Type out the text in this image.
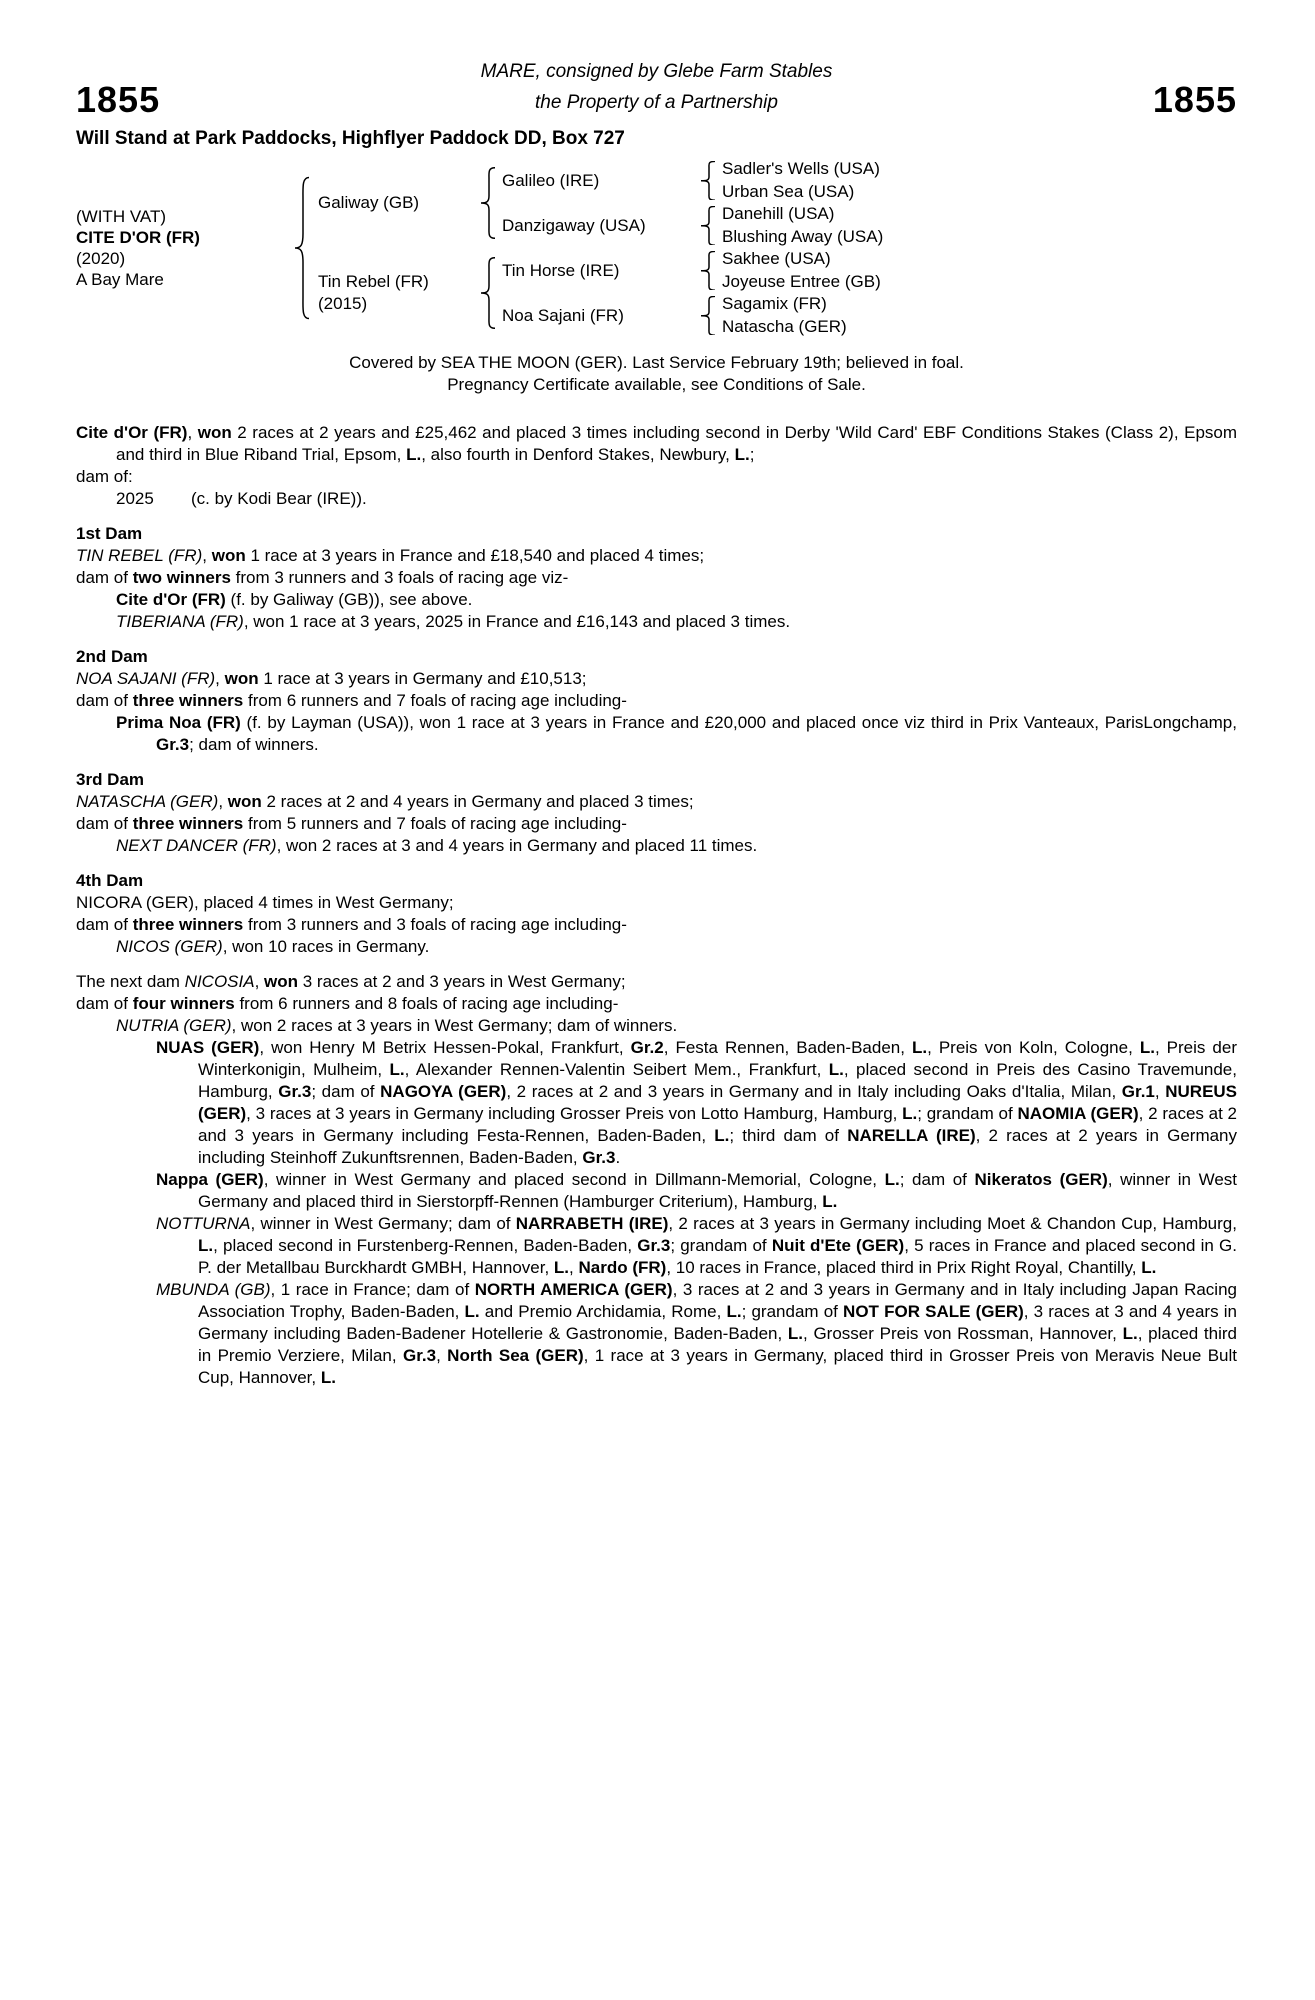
1855
MARE, consigned by Glebe Farm Stables
the Property of a Partnership	1855
Will Stand at Park Paddocks, Highflyer Paddock DD, Box 727
(WITH VAT)
CITE D'OR (FR)
(2020)
A Bay Mare
Galiway (GB)
Tin Rebel (FR)
(2015)
Galileo (IRE)
Danzigaway (USA)
Tin Horse (IRE)
Noa Sajani (FR)
Sadler's Wells (USA)
Urban Sea (USA)
Danehill (USA)
Blushing Away (USA)
Sakhee (USA)
Joyeuse Entree (GB)
Sagamix (FR)
Natascha (GER)
Covered by SEA THE MOON (GER). Last Service February 19th; believed in foal.
Pregnancy Certificate available, see Conditions of Sale.

Cite d'Or (FR), won 2 races at 2 years and £25,462 and placed 3 times including second in Derby 'Wild Card' EBF Conditions Stakes (Class 2), Epsom and third in Blue Riband Trial, Epsom, L., also fourth in Denford Stakes, Newbury, L.;

dam of:

2025 (c. by Kodi Bear (IRE)).
1st Dam

TIN REBEL (FR), won 1 race at 3 years in France and £18,540 and placed 4 times;

dam of two winners from 3 runners and 3 foals of racing age viz-

Cite d'Or (FR) (f. by Galiway (GB)), see above.

TIBERIANA (FR), won 1 race at 3 years, 2025 in France and £16,143 and placed 3 times.

2nd Dam

NOA SAJANI (FR), won 1 race at 3 years in Germany and £10,513;

dam of three winners from 6 runners and 7 foals of racing age including-

Prima Noa (FR) (f. by Layman (USA)), won 1 race at 3 years in France and £20,000 and placed once viz third in Prix Vanteaux, ParisLongchamp, Gr.3; dam of winners.

3rd Dam

NATASCHA (GER), won 2 races at 2 and 4 years in Germany and placed 3 times;

dam of three winners from 5 runners and 7 foals of racing age including-

NEXT DANCER (FR), won 2 races at 3 and 4 years in Germany and placed 11 times.

4th Dam

NICORA (GER), placed 4 times in West Germany;

dam of three winners from 3 runners and 3 foals of racing age including-

NICOS (GER), won 10 races in Germany.

The next dam NICOSIA, won 3 races at 2 and 3 years in West Germany;

dam of four winners from 6 runners and 8 foals of racing age including-

NUTRIA (GER), won 2 races at 3 years in West Germany; dam of winners.

NUAS (GER), won Henry M Betrix Hessen-Pokal, Frankfurt, Gr.2, Festa Rennen, Baden-Baden, L., Preis von Koln, Cologne, L., Preis der Winterkonigin, Mulheim, L., Alexander Rennen-Valentin Seibert Mem., Frankfurt, L., placed second in Preis des Casino Travemunde, Hamburg, Gr.3; dam of NAGOYA (GER), 2 races at 2 and 3 years in Germany and in Italy including Oaks d'Italia, Milan, Gr.1, NUREUS (GER), 3 races at 3 years in Germany including Grosser Preis von Lotto Hamburg, Hamburg, L.; grandam of NAOMIA (GER), 2 races at 2 and 3 years in Germany including Festa-Rennen, Baden-Baden, L.; third dam of NARELLA (IRE), 2 races at 2 years in Germany including Steinhoff Zukunftsrennen, Baden-Baden, Gr.3.

Nappa (GER), winner in West Germany and placed second in Dillmann-Memorial, Cologne, L.; dam of Nikeratos (GER), winner in West Germany and placed third in Sierstorpff-Rennen (Hamburger Criterium), Hamburg, L.

NOTTURNA, winner in West Germany; dam of NARRABETH (IRE), 2 races at 3 years in Germany including Moet & Chandon Cup, Hamburg, L., placed second in Furstenberg-Rennen, Baden-Baden, Gr.3; grandam of Nuit d'Ete (GER), 5 races in France and placed second in G. P. der Metallbau Burckhardt GMBH, Hannover, L., Nardo (FR), 10 races in France, placed third in Prix Right Royal, Chantilly, L.

MBUNDA (GB), 1 race in France; dam of NORTH AMERICA (GER), 3 races at 2 and 3 years in Germany and in Italy including Japan Racing Association Trophy, Baden-Baden, L. and Premio Archidamia, Rome, L.; grandam of NOT FOR SALE (GER), 3 races at 3 and 4 years in Germany including Baden-Badener Hotellerie & Gastronomie, Baden-Baden, L., Grosser Preis von Rossman, Hannover, L., placed third in Premio Verziere, Milan, Gr.3, North Sea (GER), 1 race at 3 years in Germany, placed third in Grosser Preis von Meravis Neue Bult Cup, Hannover, L.
